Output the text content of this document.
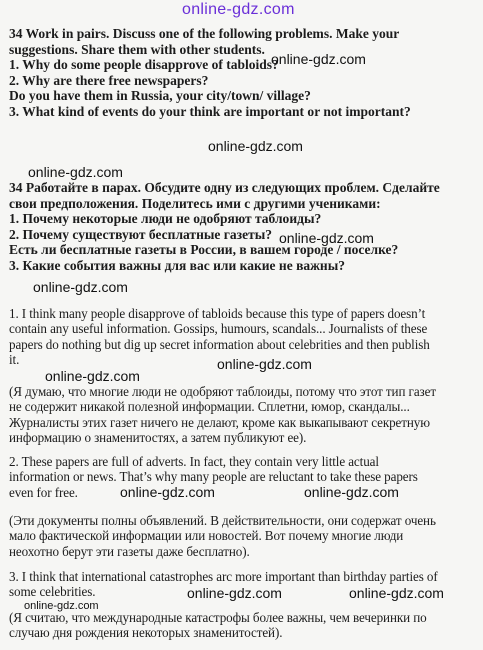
online-gdz.com
34 Work in pairs. Discuss one of the following problems. Make your
suggestions. Share them with other students.
1. Why do some people disapprove of tabloids?
2. Why are there free newspapers?
Do you have them in Russia, your city/town/ village?
3. What kind of events do your think are important or not important?
34 Работайте в парах. Обсудите одну из следующих проблем. Сделайте
свои предположения. Поделитесь ими с другими учениками:
1. Почему некоторые люди не одобряют таблоиды?
2. Почему существуют бесплатные газеты?
Есть ли бесплатные газеты в России, в вашем городе / поселке?
3. Какие события важны для вас или какие не важны?
1. I think many people disapprove of tabloids because this type of papers doesn’t
contain any useful information. Gossips, humours, scandals... Journalists of these
papers do nothing but dig up secret information about celebrities and then publish
it.
(Я думаю, что многие люди не одобряют таблоиды, потому что этот тип газет
не содержит никакой полезной информации. Сплетни, юмор, скандалы...
Журналисты этих газет ничего не делают, кроме как выкапывают секретную
информацию о знаменитостях, а затем публикуют ее).
2. These papers are full of adverts. In fact, they contain very little actual
information or news. That’s why many people are reluctant to take these papers
even for free.
(Эти документы полны объявлений. В действительности, они содержат очень
мало фактической информации или новостей. Вот почему многие люди
неохотно берут эти газеты даже бесплатно).
3. I think that international catastrophes arc more important than birthday parties of
some celebrities.
(Я считаю, что международные катастрофы более важны, чем вечеринки по
случаю дня рождения некоторых знаменитостей).
online-gdz.com
online-gdz.com
online-gdz.com
online-gdz.com
online-gdz.com
online-gdz.com
online-gdz.com
online-gdz.com	online-gdz.com
online-gdz.com	online-gdz.com
online-gdz.com
